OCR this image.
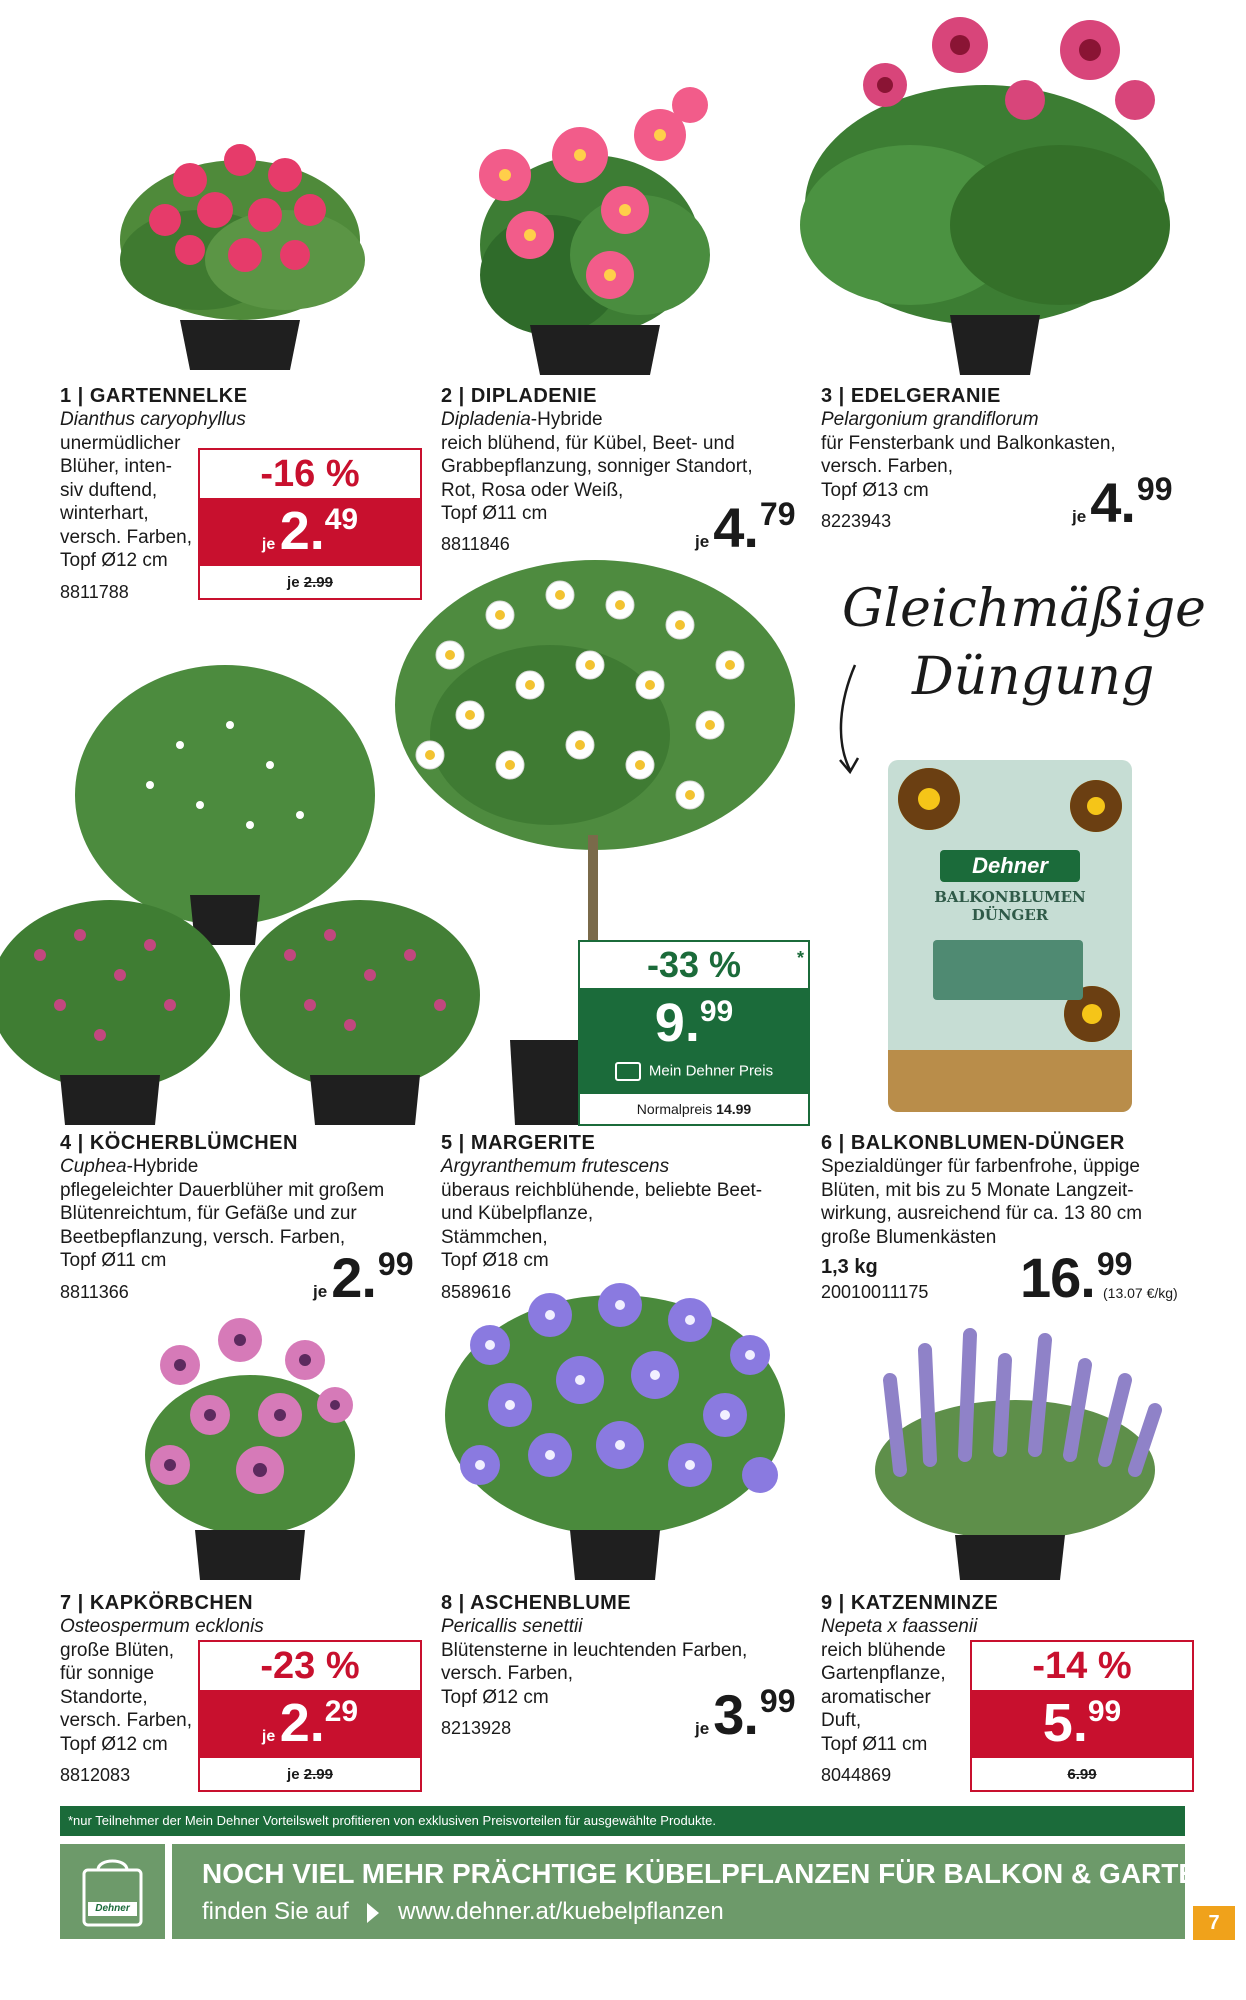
1 | GARTENNELKE
Dianthus caryophyllus
unermüdlicher
Blüher, inten-
siv duftend,
winterhart,
versch. Farben,
Topf Ø12 cm
8811788
-16 %
je 2.49
je 2.99
2 | DIPLADENIE
Dipladenia-Hybride
reich blühend, für Kübel, Beet- und
Grabbepflanzung, sonniger Standort,
Rot, Rosa oder Weiß,
Topf Ø11 cm
8811846	je4.79
3 | EDELGERANIE
Pelargonium grandiflorum
für Fensterbank und Balkonkasten,
versch. Farben,
Topf Ø13 cm
8223943	je4.99
-33 %
9.99
Mein Dehner Preis
*
Normalpreis 14.99
Gleichmäßige
Düngung
Dehner
BALKONBLUMEN
DÜNGER
4 | KÖCHERBLÜMCHEN
Cuphea-Hybride
pflegeleichter Dauerblüher mit großem
Blütenreichtum, für Gefäße und zur
Beetbepflanzung, versch. Farben,
Topf Ø11 cm
8811366	je2.99
5 | MARGERITE
Argyranthemum frutescens
überaus reichblühende, beliebte Beet-
und Kübelpflanze,
Stämmchen,
Topf Ø18 cm
8589616
6 | BALKONBLUMEN-DÜNGER
Spezialdünger für farbenfrohe, üppige
Blüten, mit bis zu 5 Monate Langzeit-
wirkung, ausreichend für ca. 13 80 cm
große Blumenkästen
1,3 kg
20010011175 16.99
(13.07 €/kg)
7 | KAPKÖRBCHEN
Osteospermum ecklonis
große Blüten,
für sonnige
Standorte,
versch. Farben,
Topf Ø12 cm
8812083
-23 %
je 2.29
je 2.99
8 | ASCHENBLUME
Pericallis senettii
Blütensterne in leuchtenden Farben,
versch. Farben,
Topf Ø12 cm
8213928	je3.99
9 | KATZENMINZE
Nepeta x faassenii
reich blühende
Gartenpflanze,
aromatischer
Duft,
Topf Ø11 cm
8044869
-14 %
5.99
6.99
*nur Teilnehmer der Mein Dehner Vorteilswelt profitieren von exklusiven Preisvorteilen für ausgewählte Produkte.
Dehner
NOCH VIEL MEHR PRÄCHTIGE KÜBELPFLANZEN FÜR BALKON & GARTEN
finden Sie auf www.dehner.at/kuebelpflanzen	7
